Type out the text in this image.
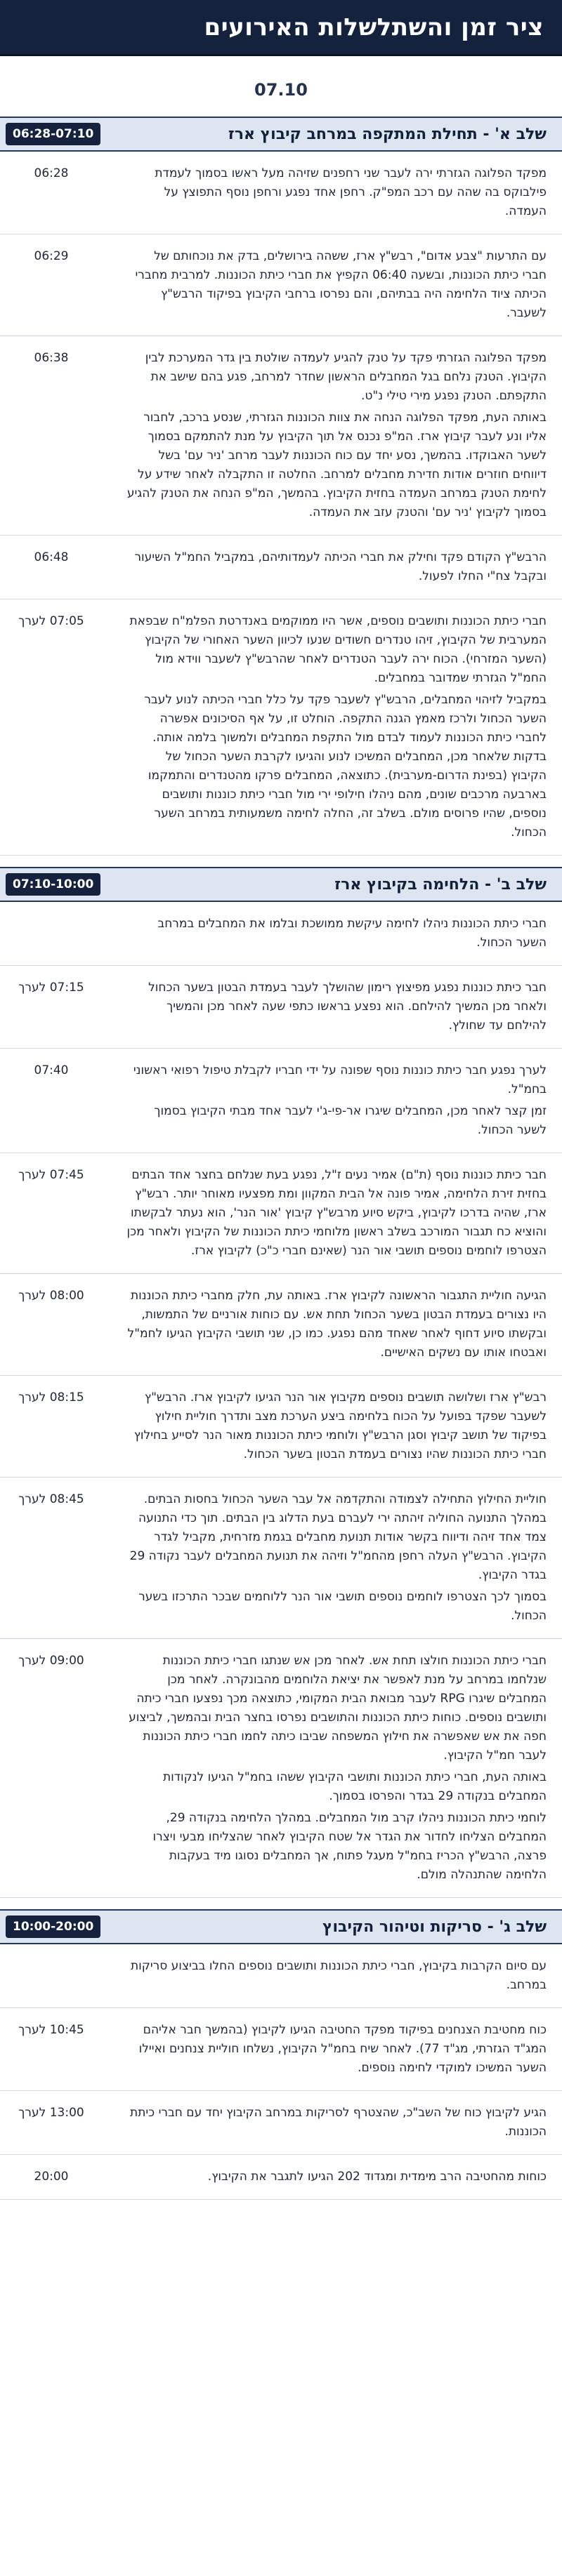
ציר זמן והשתלשלות האירועים
07.10
שלב א' - תחילת המתקפה במרחב קיבוץ ארז
06:28-07:10

מפקד הפלוגה הגזרתי ירה לעבר שני רחפנים שזיהה מעל ראשו בסמוך לעמדת פילבוקס בה שהה עם רכב המפ"ק. רחפן אחד נפגע ורחפן נוסף התפוצץ על העמדה.

06:28

עם התרעות "צבע אדום", רבש"ץ ארז, ששהה בירושלים, בדק את נוכחותם של חברי כיתת הכוננות, ובשעה 06:40 הקפיץ את חברי כיתת הכוננות. למרבית מחברי הכיתה ציוד הלחימה היה בבתיהם, והם נפרסו ברחבי הקיבוץ בפיקוד הרבש"ץ לשעבר.

06:29

מפקד הפלוגה הגזרתי פקד על טנק להגיע לעמדה שולטת בין גדר המערכת לבין הקיבוץ. הטנק נלחם בגל המחבלים הראשון שחדר למרחב, פגע בהם שישב את התקפתם. הטנק נפגע מירי טילי נ"ט.

באותה העת, מפקד הפלוגה הנחה את צוות הכוננות הגזרתי, שנסע ברכב, לחבור אליו ונע לעבר קיבוץ ארז. המ"פ נכנס אל תוך הקיבוץ על מנת להתמקם בסמוך לשער האבוקדו. בהמשך, נסע יחד עם כוח הכוננות לעבר מרחב 'ניר עם' בשל דיווחים חוזרים אודות חדירת מחבלים למרחב. החלטה זו התקבלה לאחר שידע על לחימת הטנק במרחב העמדה בחזית הקיבוץ. בהמשך, המ"פ הנחה את הטנק להגיע בסמוך לקיבוץ 'ניר עם' והטנק עזב את העמדה.

06:38

הרבש"ץ הקודם פקד וחילק את חברי הכיתה לעמדותיהם, במקביל החמ"ל השיעור ובקבל צח"י החלו לפעול.

06:48

חברי כיתת הכוננות ותושבים נוספים, אשר היו ממוקמים באנדרטת הפלמ"ח שבפאת המערבית של הקיבוץ, זיהו טנדרים חשודים שנעו לכיוון השער האחורי של הקיבוץ (השער המזרחי). הכוח ירה לעבר הטנדרים לאחר שהרבש"ץ לשעבר ווידא מול החמ"ל הגזרתי שמדובר במחבלים.

במקביל לזיהוי המחבלים, הרבש"ץ לשעבר פקד על כלל חברי הכיתה לנוע לעבר השער הכחול ולרכז מאמץ הגנה התקפה. הוחלט זו, על אף הסיכונים אפשרה לחברי כיתת הכוננות לעמוד לבדם מול התקפת המחבלים ולמשוך בלמה אותה. בדקות שלאחר מכן, המחבלים המשיכו לנוע והגיעו לקרבת השער הכחול של הקיבוץ (בפינת הדרום-מערבית). כתוצאה, המחבלים פרקו מהטנדרים והתמקמו בארבעה מרכבים שונים, מהם ניהלו חילופי ירי מול חברי כיתת כוננות ותושבים נוספים, שהיו פרוסים מולם. בשלב זה, החלה לחימה משמעותית במרחב השער הכחול.

07:05 לערך
שלב ב' - הלחימה בקיבוץ ארז
07:10-10:00

חברי כיתת הכוננות ניהלו לחימה עיקשת ממושכת ובלמו את המחבלים במרחב השער הכחול.

חבר כיתת כוננות נפגע מפיצוץ רימון שהושלך לעבר בעמדת הבטון בשער הכחול ולאחר מכן המשיך להילחם. הוא נפצע בראשו כתפי שעה לאחר מכן והמשיך להילחם עד שחולץ.

07:15 לערך

לערך נפגע חבר כיתת כוננות נוסף שפונה על ידי חבריו לקבלת טיפול רפואי ראשוני בחמ"ל.

זמן קצר לאחר מכן, המחבלים שיגרו אר-פי-ג'י לעבר אחד מבתי הקיבוץ בסמוך לשער הכחול.

07:40

חבר כיתת כוננות נוסף (ת"ם) אמיר נעים ז"ל, נפגע בעת שנלחם בחצר אחד הבתים בחזית זירת הלחימה, אמיר פונה אל הבית המקוון ומת מפצעיו מאוחר יותר. רבש"ץ ארז, שהיה בדרכו לקיבוץ, ביקש סיוע מרבש"ץ קיבוץ 'אור הנר', הוא נעתר לבקשתו והוציא כח תגבור המורכב בשלב ראשון מלוחמי כיתת הכוננות של הקיבוץ ולאחר מכן הצטרפו לוחמים נוספים תושבי אור הנר (שאינם חברי כ"כ) לקיבוץ ארז.

07:45 לערך

הגיעה חוליית התגבור הראשונה לקיבוץ ארז. באותה עת, חלק מחברי כיתת הכוננות היו נצורים בעמדת הבטון בשער הכחול תחת אש. עם כוחות אורניים של התמשות, ובקשתו סיוע דחוף לאחר שאחד מהם נפגע. כמו כן, שני תושבי הקיבוץ הגיעו לחמ"ל ואבטחו אותו עם נשקים האישיים.

08:00 לערך

רבש"ץ ארז ושלושה תושבים נוספים מקיבוץ אור הנר הגיעו לקיבוץ ארז. הרבש"ץ לשעבר שפקד בפועל על הכוח בלחימה ביצע הערכת מצב ותדרך חוליית חילוץ בפיקוד של תושב קיבוץ וסגן הרבש"ץ ולוחמי כיתת הכוננות מאור הנר לסייע בחילוץ חברי כיתת הכוננות שהיו נצורים בעמדת הבטון בשער הכחול.

08:15 לערך

חוליית החילוץ התחילה לצמודה והתקדמה אל עבר השער הכחול בחסות הבתים. במהלך התנועה החוליה זיהתה ירי לעברם בעת הדלוג בין הבתים. תוך כדי התנועה צמד אחד זיהה ודיווח בקשר אודות תנועת מחבלים בגמת מזרחית, מקביל לגדר הקיבוץ. הרבש"ץ העלה רחפן מהחמ"ל וזיהה את תנועת המחבלים לעבר נקודה 29 בגדר הקיבוץ.

בסמוך לכך הצטרפו לוחמים נוספים תושבי אור הנר ללוחמים שבכר התרכזו בשער הכחול.

08:45 לערך

חברי כיתת הכוננות חולצו תחת אש. לאחר מכן אש שנתגו חברי כיתת הכוננות שנלחמו במרחב על מנת לאפשר את יציאת הלוחמים מהבונקרה. לאחר מכן המחבלים שיגרו RPG לעבר מבואת הבית המקומי, כתוצאה מכך נפצעו חברי כיתה ותושבים נוספים. כוחות כיתת הכוננות והתושבים נפרסו בחצר הבית ובהמשך, לביצוע חפה את אש שאפשרה את חילוץ המשפחה שביבו כיתה לחמו חברי כיתת הכוננות לעבר חמ"ל הקיבוץ.

באותה העת, חברי כיתת הכוננות ותושבי הקיבוץ ששהו בחמ"ל הגיעו לנקודות המחבלים בנקודה 29 בגדר והפרסו בסמוך.

לוחמי כיתת הכוננות ניהלו קרב מול המחבלים. במהלך הלחימה בנקודה 29, המחבלים הצליחו לחדור את הגדר אל שטח הקיבוץ לאחר שהצליחו מבעי ויצרו פרצה, הרבש"ץ הכריז בחמ"ל מעגל פתוח, אך המחבלים נסוגו מיד בעקבות הלחימה שהתנהלה מולם.

09:00 לערך
שלב ג' - סריקות וטיהור הקיבוץ
10:00-20:00

עם סיום הקרבות בקיבוץ, חברי כיתת הכוננות ותושבים נוספים החלו בביצוע סריקות במרחב.

כוח מחטיבת הצנחנים בפיקוד מפקד החטיבה הגיעו לקיבוץ (בהמשך חבר אליהם המג"ד הגזרתי, מג"ד 77). לאחר שיח בחמ"ל הקיבוץ, נשלחו חוליית צנחנים ואיילו השער המשיכו למוקדי לחימה נוספים.

10:45 לערך

הגיע לקיבוץ כוח של השב"כ, שהצטרף לסריקות במרחב הקיבוץ יחד עם חברי כיתת הכוננות.

13:00 לערך

כוחות מהחטיבה הרב מימדית ומגדוד 202 הגיעו לתגבר את הקיבוץ.

20:00
